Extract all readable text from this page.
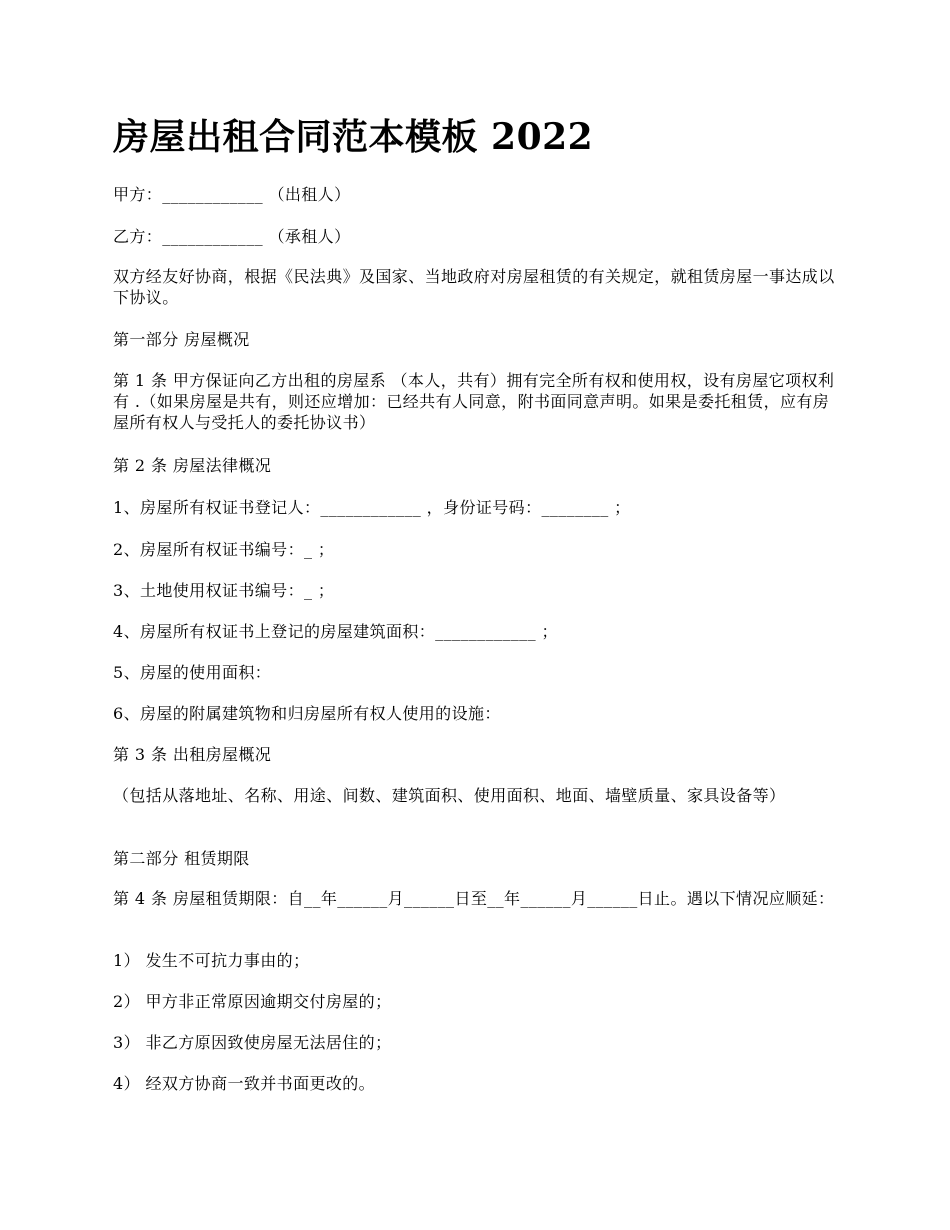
房屋出租合同范本模板 2022

甲方：____________ （出租人）

乙方：____________ （承租人）

双方经友好协商，根据《民法典》及国家、当地政府对房屋租赁的有关规定，就租赁房屋一事达成以下协议。

第一部分 房屋概况

第 1 条 甲方保证向乙方出租的房屋系 （本人，共有）拥有完全所有权和使用权，设有房屋它项权利有 .（如果房屋是共有，则还应增加：已经共有人同意，附书面同意声明。如果是委托租赁，应有房屋所有权人与受托人的委托协议书）

第 2 条 房屋法律概况

1、房屋所有权证书登记人：____________ ，身份证号码：________ ；

2、房屋所有权证书编号：_ ；

3、土地使用权证书编号：_ ；

4、房屋所有权证书上登记的房屋建筑面积：____________ ；

5、房屋的使用面积：

6、房屋的附属建筑物和归房屋所有权人使用的设施：

第 3 条 出租房屋概况

（包括从落地址、名称、用途、间数、建筑面积、使用面积、地面、墙壁质量、家具设备等）

第二部分 租赁期限

第 4 条 房屋租赁期限：自__年______月______日至__年______月______日止。遇以下情况应顺延：

1） 发生不可抗力事由的；

2） 甲方非正常原因逾期交付房屋的；

3） 非乙方原因致使房屋无法居住的；

4） 经双方协商一致并书面更改的。
